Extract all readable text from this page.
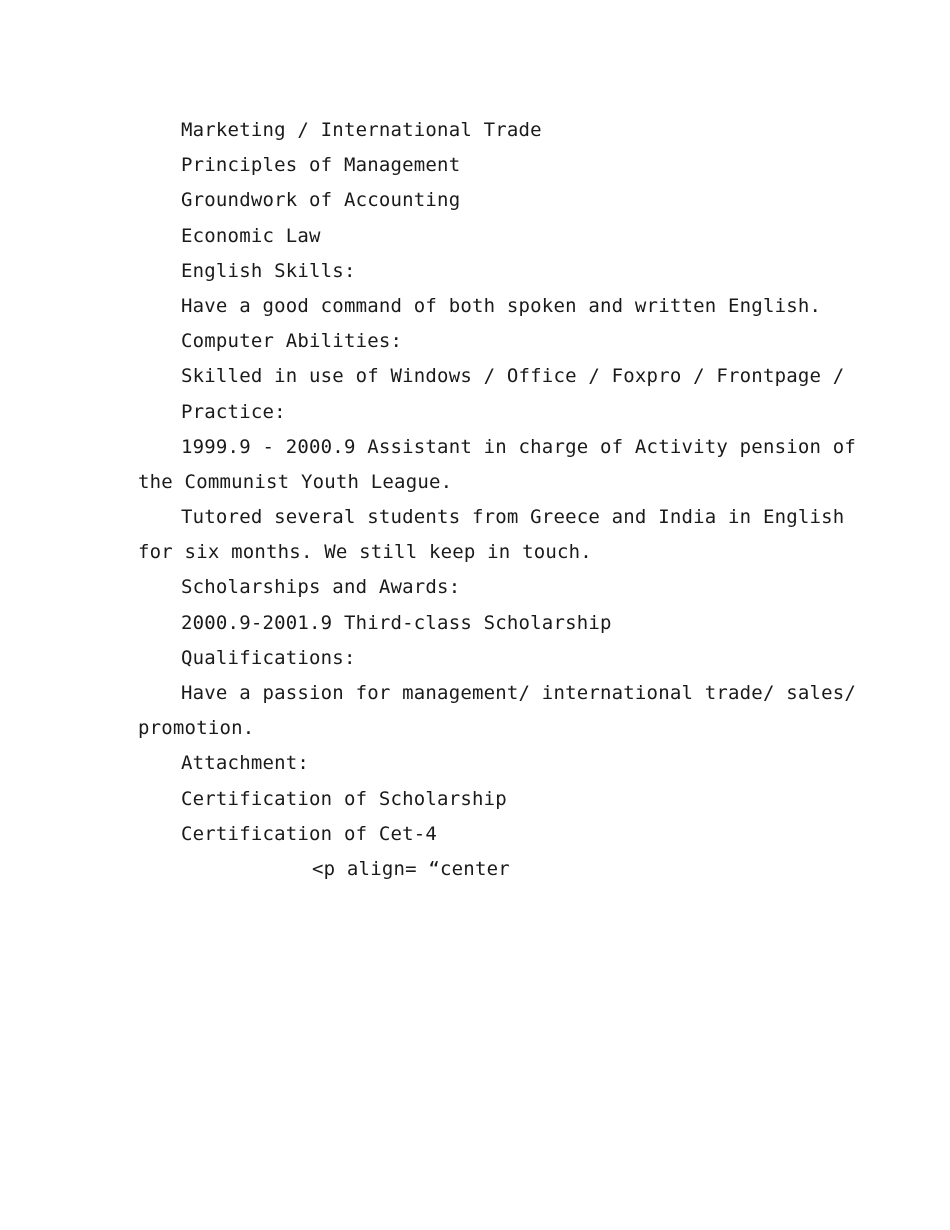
Marketing / International Trade
Principles of Management
Groundwork of Accounting
Economic Law
English Skills:
Have a good command of both spoken and written English.
Computer Abilities:
Skilled in use of Windows / Office / Foxpro / Frontpage /
Practice:
1999.9 - 2000.9 Assistant in charge of Activity pension of
the Communist Youth League.
Tutored several students from Greece and India in English
for six months. We still keep in touch.
Scholarships and Awards:
2000.9-2001.9 Third-class Scholarship
Qualifications:
Have a passion for management/ international trade/ sales/
promotion.
Attachment:
Certification of Scholarship
Certification of Cet-4
<p align= “center
